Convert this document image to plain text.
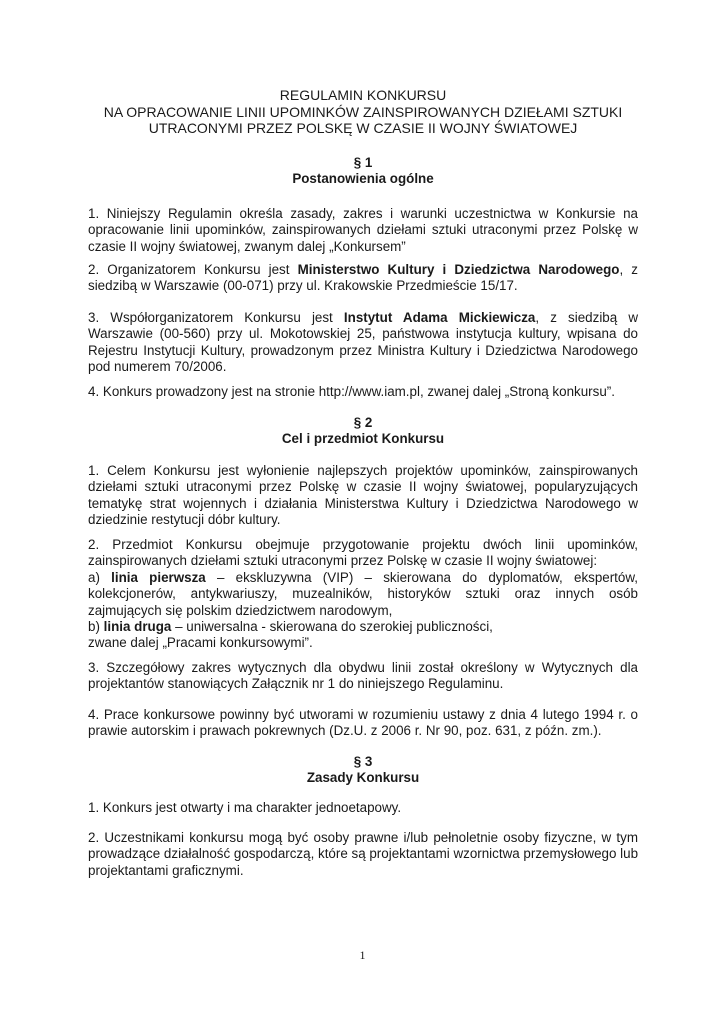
REGULAMIN KONKURSU
NA OPRACOWANIE LINII UPOMINKÓW ZAINSPIROWANYCH DZIEŁAMI SZTUKI
UTRACONYMI PRZEZ POLSKĘ W CZASIE II WOJNY ŚWIATOWEJ
§ 1
Postanowienia ogólne
1. Niniejszy Regulamin określa zasady, zakres i warunki uczestnictwa w Konkursie na
opracowanie linii upominków, zainspirowanych dziełami sztuki utraconymi przez Polskę w
czasie II wojny światowej, zwanym dalej „Konkursem”
2. Organizatorem Konkursu jest Ministerstwo Kultury i Dziedzictwa Narodowego, z
siedzibą w Warszawie (00-071) przy ul. Krakowskie Przedmieście 15/17.
3. Współorganizatorem Konkursu jest Instytut Adama Mickiewicza, z siedzibą w
Warszawie (00-560) przy ul. Mokotowskiej 25, państwowa instytucja kultury, wpisana do
Rejestru Instytucji Kultury, prowadzonym przez Ministra Kultury i Dziedzictwa Narodowego
pod numerem 70/2006.
4. Konkurs prowadzony jest na stronie http://www.iam.pl, zwanej dalej „Stroną konkursu”.
§ 2
Cel i przedmiot Konkursu
1. Celem Konkursu jest wyłonienie najlepszych projektów upominków, zainspirowanych
dziełami sztuki utraconymi przez Polskę w czasie II wojny światowej, popularyzujących
tematykę strat wojennych i działania Ministerstwa Kultury i Dziedzictwa Narodowego w
dziedzinie restytucji dóbr kultury.
2. Przedmiot Konkursu obejmuje przygotowanie projektu dwóch linii upominków,
zainspirowanych dziełami sztuki utraconymi przez Polskę w czasie II wojny światowej:
a) linia pierwsza – ekskluzywna (VIP) – skierowana do dyplomatów, ekspertów,
kolekcjonerów, antykwariuszy, muzealników, historyków sztuki oraz innych osób
zajmujących się polskim dziedzictwem narodowym,
b) linia druga – uniwersalna - skierowana do szerokiej publiczności,
zwane dalej „Pracami konkursowymi”.
3. Szczegółowy zakres wytycznych dla obydwu linii został określony w Wytycznych dla
projektantów stanowiących Załącznik nr 1 do niniejszego Regulaminu.
4. Prace konkursowe powinny być utworami w rozumieniu ustawy z dnia 4 lutego 1994 r. o
prawie autorskim i prawach pokrewnych (Dz.U. z 2006 r. Nr 90, poz. 631, z późn. zm.).
§ 3
Zasady Konkursu
1. Konkurs jest otwarty i ma charakter jednoetapowy.
2. Uczestnikami konkursu mogą być osoby prawne i/lub pełnoletnie osoby fizyczne, w tym
prowadzące działalność gospodarczą, które są projektantami wzornictwa przemysłowego lub
projektantami graficznymi.
1
